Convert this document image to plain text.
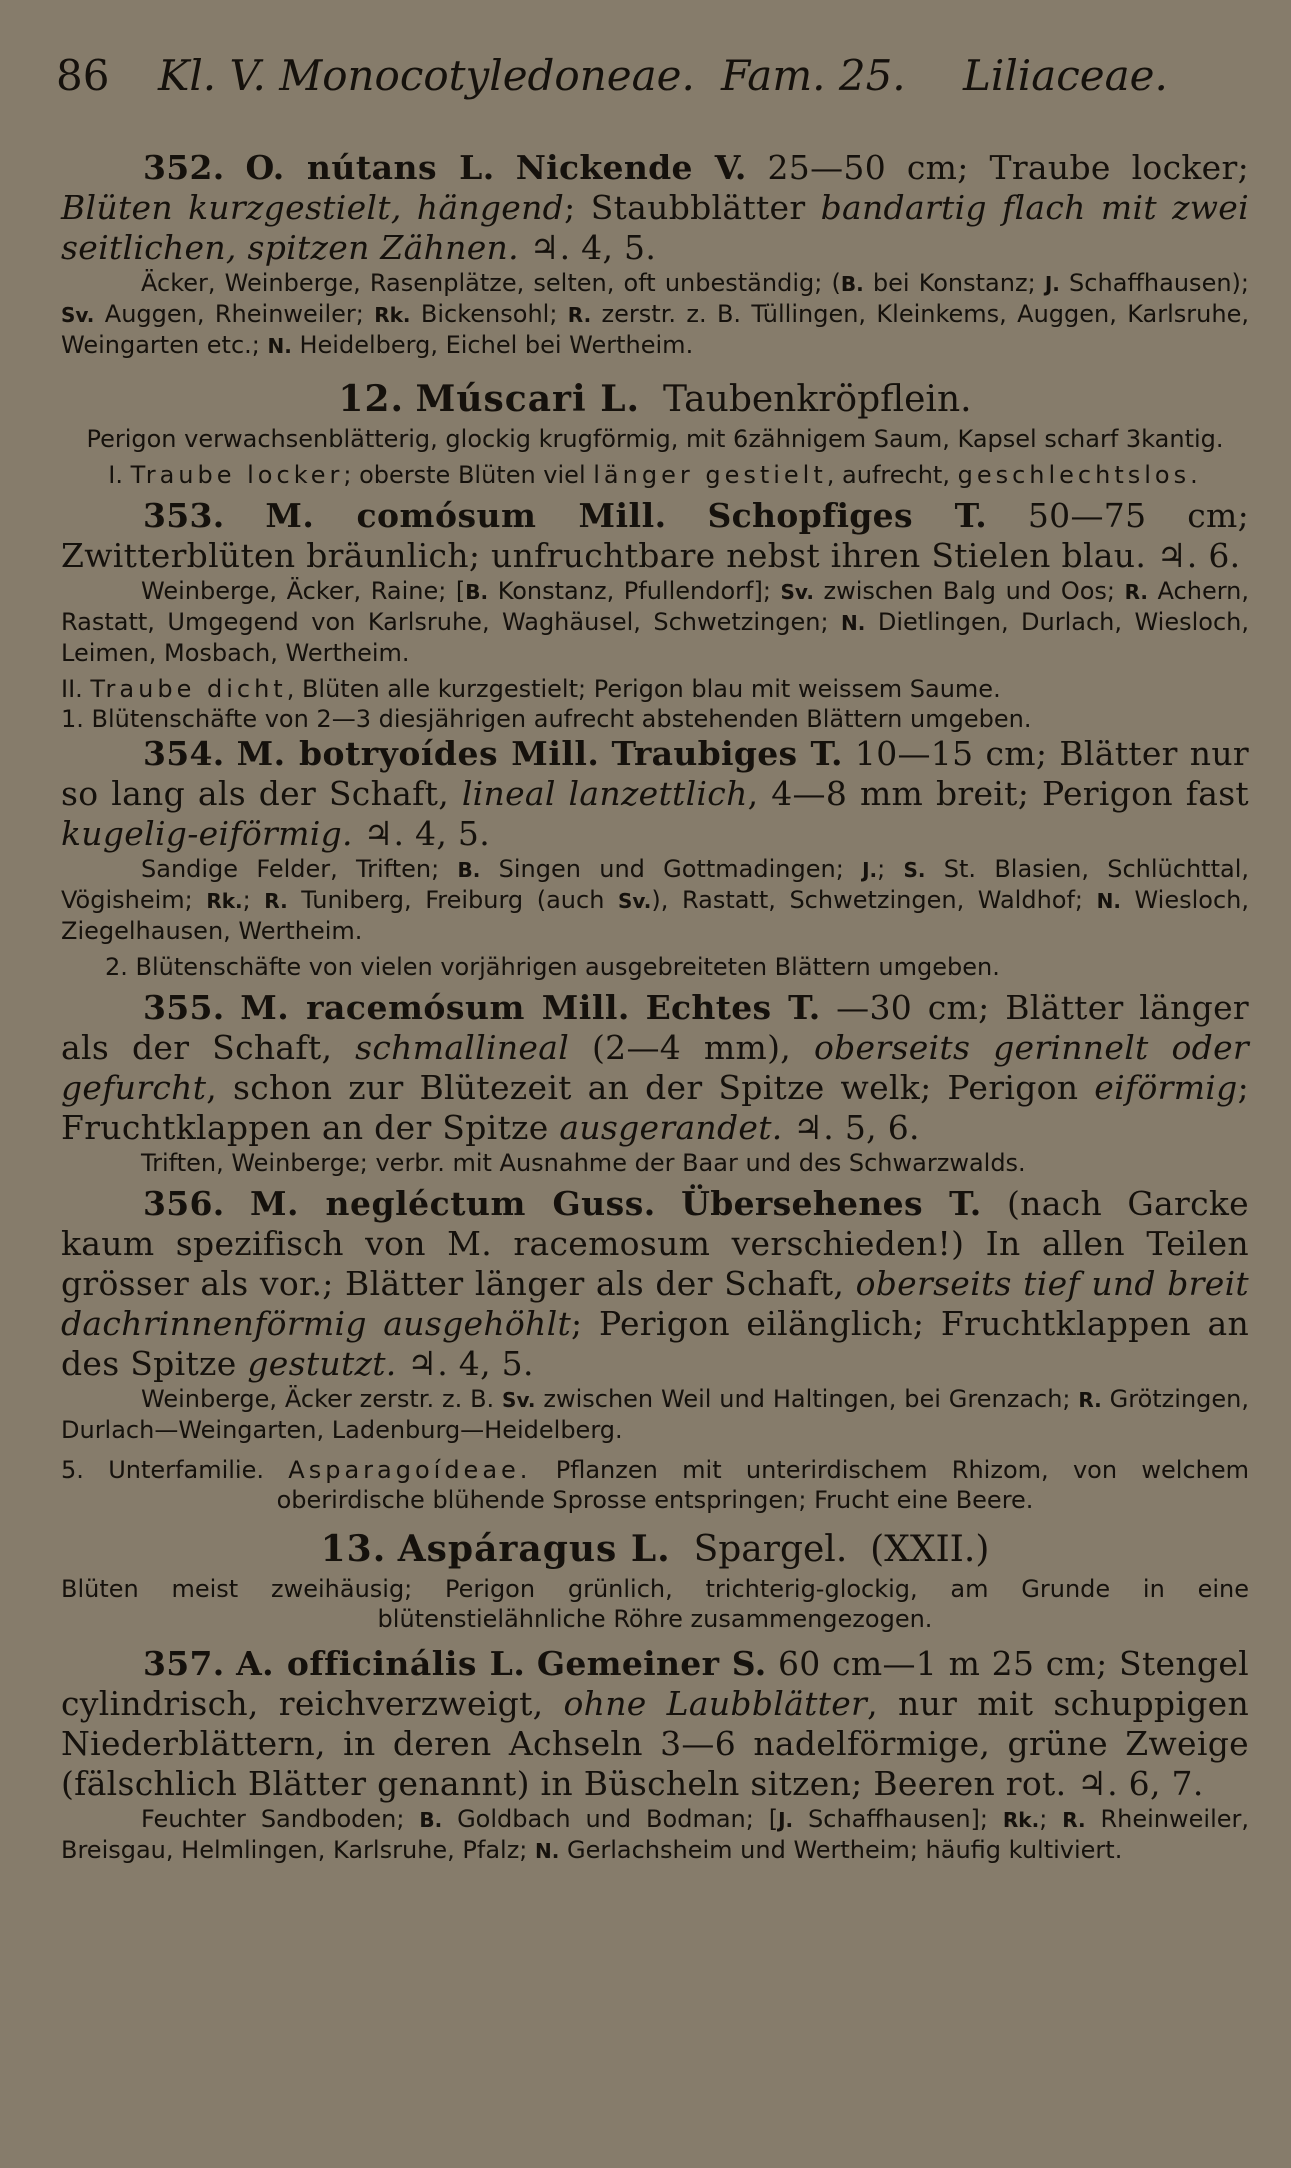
86 Kl. V. Monocotyledoneae. Fam. 25. Liliaceae.

352. O. nútans L. Nickende V. 25—50 cm; Traube locker; Blüten kurzgestielt, hängend; Staubblätter bandartig flach mit zwei seitlichen, spitzen Zähnen. ♃. 4, 5.

Äcker, Weinberge, Rasenplätze, selten, oft unbeständig; (B. bei Konstanz; J. Schaffhausen); Sv. Auggen, Rheinweiler; Rk. Bickensohl; R. zerstr. z. B. Tüllingen, Kleinkems, Auggen, Karlsruhe, Weingarten etc.; N. Heidelberg, Eichel bei Wertheim.

12. Múscari L. Taubenkröpflein.

Perigon verwachsenblätterig, glockig krugförmig, mit 6zähnigem Saum, Kapsel scharf 3kantig.

I. Traube locker; oberste Blüten viel länger gestielt, aufrecht, geschlechtslos.

353. M. comósum Mill. Schopfiges T. 50—75 cm; Zwitterblüten bräunlich; unfruchtbare nebst ihren Stielen blau. ♃. 6.

Weinberge, Äcker, Raine; [B. Konstanz, Pfullendorf]; Sv. zwischen Balg und Oos; R. Achern, Rastatt, Umgegend von Karlsruhe, Waghäusel, Schwetzingen; N. Dietlingen, Durlach, Wiesloch, Leimen, Mosbach, Wertheim.

II. Traube dicht, Blüten alle kurzgestielt; Perigon blau mit weissem Saume.

1. Blütenschäfte von 2—3 diesjährigen aufrecht abstehenden Blättern umgeben.

354. M. botryoídes Mill. Traubiges T. 10—15 cm; Blätter nur so lang als der Schaft, lineal lanzettlich, 4—8 mm breit; Perigon fast kugelig-eiförmig. ♃. 4, 5.

Sandige Felder, Triften; B. Singen und Gottmadingen; J.; S. St. Blasien, Schlüchttal, Vögisheim; Rk.; R. Tuniberg, Freiburg (auch Sv.), Rastatt, Schwetzingen, Waldhof; N. Wiesloch, Ziegelhausen, Wertheim.

2. Blütenschäfte von vielen vorjährigen ausgebreiteten Blättern umgeben.

355. M. racemósum Mill. Echtes T. —30 cm; Blätter länger als der Schaft, schmallineal (2—4 mm), oberseits gerinnelt oder gefurcht, schon zur Blütezeit an der Spitze welk; Perigon eiförmig; Fruchtklappen an der Spitze ausgerandet. ♃. 5, 6.

Triften, Weinberge; verbr. mit Ausnahme der Baar und des Schwarzwalds.

356. M. negléctum Guss. Übersehenes T. (nach Garcke kaum spezifisch von M. racemosum verschieden!) In allen Teilen grösser als vor.; Blätter länger als der Schaft, oberseits tief und breit dachrinnenförmig ausgehöhlt; Perigon eilänglich; Fruchtklappen an des Spitze gestutzt. ♃. 4, 5.

Weinberge, Äcker zerstr. z. B. Sv. zwischen Weil und Haltingen, bei Grenzach; R. Grötzingen, Durlach—Weingarten, Ladenburg—Heidelberg.

5. Unterfamilie. Asparagoídeae. Pflanzen mit unterirdischem Rhizom, von welchem oberirdische blühende Sprosse entspringen; Frucht eine Beere.

13. Aspáragus L. Spargel. (XXII.)

Blüten meist zweihäusig; Perigon grünlich, trichterig-glockig, am Grunde in eine blütenstielähnliche Röhre zusammengezogen.

357. A. officinális L. Gemeiner S. 60 cm—1 m 25 cm; Stengel cylindrisch, reichverzweigt, ohne Laubblätter, nur mit schuppigen Niederblättern, in deren Achseln 3—6 nadelförmige, grüne Zweige (fälschlich Blätter genannt) in Büscheln sitzen; Beeren rot. ♃. 6, 7.

Feuchter Sandboden; B. Goldbach und Bodman; [J. Schaffhausen]; Rk.; R. Rheinweiler, Breisgau, Helmlingen, Karlsruhe, Pfalz; N. Gerlachsheim und Wertheim; häufig kultiviert.
